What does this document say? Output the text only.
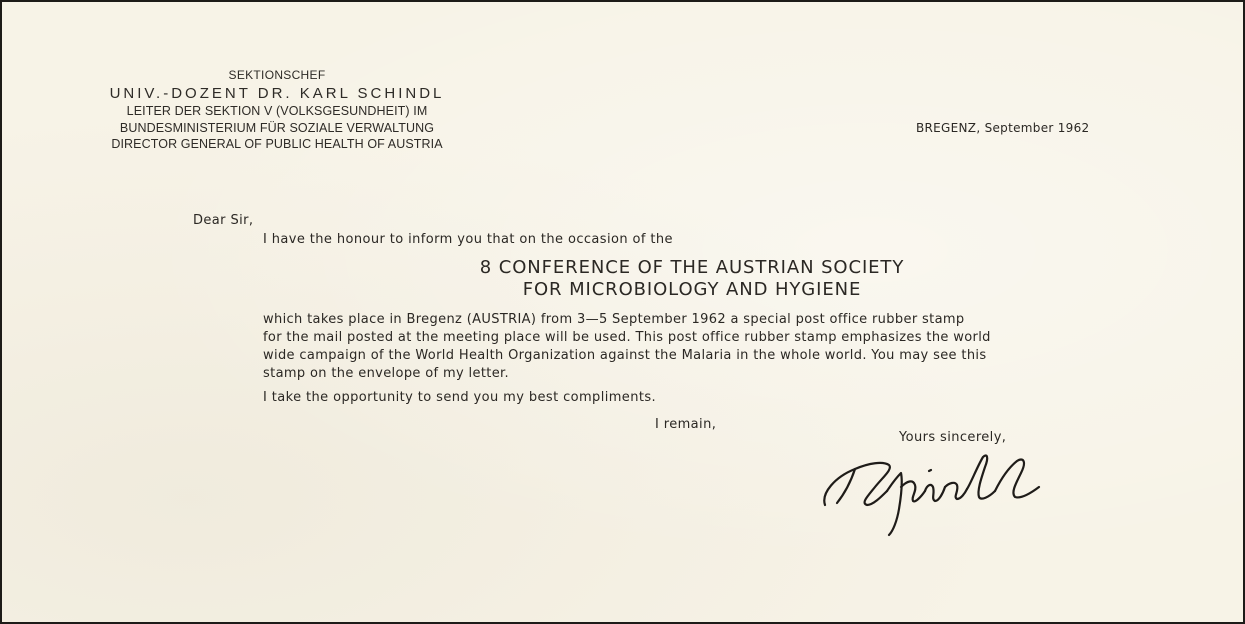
SEKTIONSCHEF
UNIV.-DOZENT DR. KARL SCHINDL
LEITER DER SEKTION V (VOLKSGESUNDHEIT) IM
BUNDESMINISTERIUM FÜR SOZIALE VERWALTUNG
DIRECTOR GENERAL OF PUBLIC HEALTH OF AUSTRIA
BREGENZ, September 1962
Dear Sir,
I have the honour to inform you that on the occasion of the
8 CONFERENCE OF THE AUSTRIAN SOCIETY
FOR MICROBIOLOGY AND HYGIENE
which takes place in Bregenz (AUSTRIA) from 3—5 September 1962 a special post office rubber stamp
for the mail posted at the meeting place will be used. This post office rubber stamp emphasizes the world
wide campaign of the World Health Organization against the Malaria in the whole world. You may see this
stamp on the envelope of my letter.
I take the opportunity to send you my best compliments.
I remain,
Yours sincerely,
